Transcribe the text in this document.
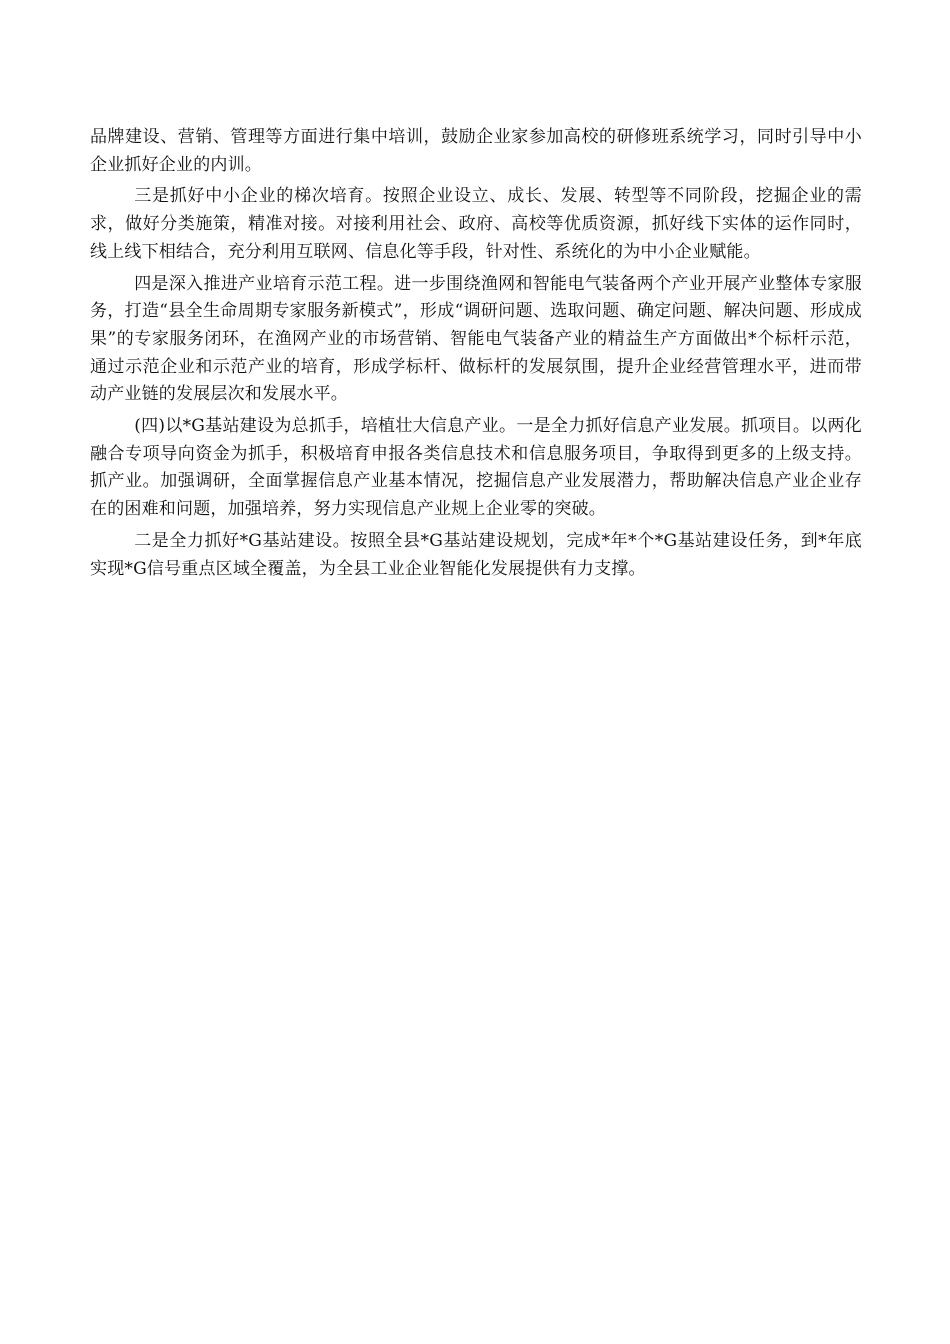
品牌建设、营销、管理等方面进行集中培训，鼓励企业家参加高校的研修班系统学习，同时引导中小企业抓好企业的内训。

三是抓好中小企业的梯次培育。按照企业设立、成长、发展、转型等不同阶段，挖掘企业的需求，做好分类施策，精准对接。对接利用社会、政府、高校等优质资源，抓好线下实体的运作同时，线上线下相结合，充分利用互联网、信息化等手段，针对性、系统化的为中小企业赋能。

四是深入推进产业培育示范工程。进一步围绕渔网和智能电气装备两个产业开展产业整体专家服务，打造“县全生命周期专家服务新模式”，形成“调研问题、选取问题、确定问题、解决问题、形成成果”的专家服务闭环，在渔网产业的市场营销、智能电气装备产业的精益生产方面做出*个标杆示范，通过示范企业和示范产业的培育，形成学标杆、做标杆的发展氛围，提升企业经营管理水平，进而带动产业链的发展层次和发展水平。

(四)以*G基站建设为总抓手，培植壮大信息产业。一是全力抓好信息产业发展。抓项目。以两化融合专项导向资金为抓手，积极培育申报各类信息技术和信息服务项目，争取得到更多的上级支持。抓产业。加强调研，全面掌握信息产业基本情况，挖掘信息产业发展潜力，帮助解决信息产业企业存在的困难和问题，加强培养，努力实现信息产业规上企业零的突破。

二是全力抓好*G基站建设。按照全县*G基站建设规划，完成*年*个*G基站建设任务，到*年底实现*G信号重点区域全覆盖，为全县工业企业智能化发展提供有力支撑。
